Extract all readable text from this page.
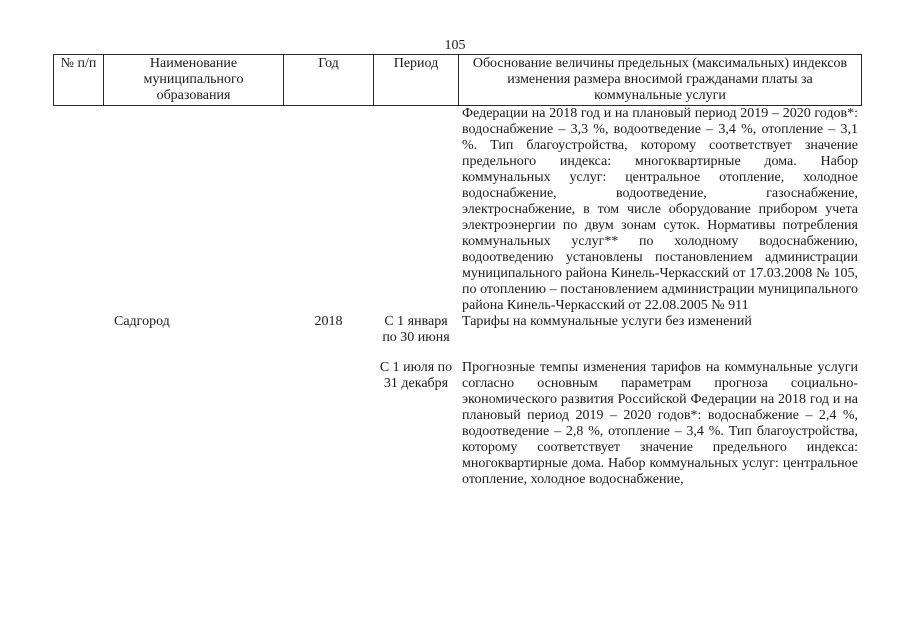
105
№ п/п	Наименование муниципального образования	Год	Период	Обоснование величины предельных (максимальных) индексов изменения размера вносимой гражданами платы за коммунальные услуги
				Федерации на 2018 год и на плановый период 2019 – 2020 годов*: водоснабжение – 3,3 %, водоотведение – 3,4 %, отопление – 3,1 %. Тип благоустройства, которому соответствует значение предельного индекса: многоквартирные дома. Набор коммунальных услуг: центральное отопление, холодное водоснабжение, водоотведение, газоснабжение, электроснабжение, в том числе оборудование прибором учета электроэнергии по двум зонам суток. Нормативы потребления коммунальных услуг** по холодному водоснабжению, водоотведению установлены постановлением администрации муниципального района Кинель-Черкасский от 17.03.2008 № 105, по отоплению – постановлением администрации муниципального района Кинель-Черкасский от 22.08.2005 № 911
	Садгород	2018	С 1 января по 30 июня	Тарифы на коммунальные услуги без изменений

			С 1 июля по 31 декабря	Прогнозные темпы изменения тарифов на коммунальные услуги согласно основным параметрам прогноза социально-экономического развития Российской Федерации на 2018 год и на плановый период 2019 – 2020 годов*: водоснабжение – 2,4 %, водоотведение – 2,8 %, отопление – 3,4 %. Тип благоустройства, которому соответствует значение предельного индекса: многоквартирные дома. Набор коммунальных услуг: центральное отопление, холодное водоснабжение,
